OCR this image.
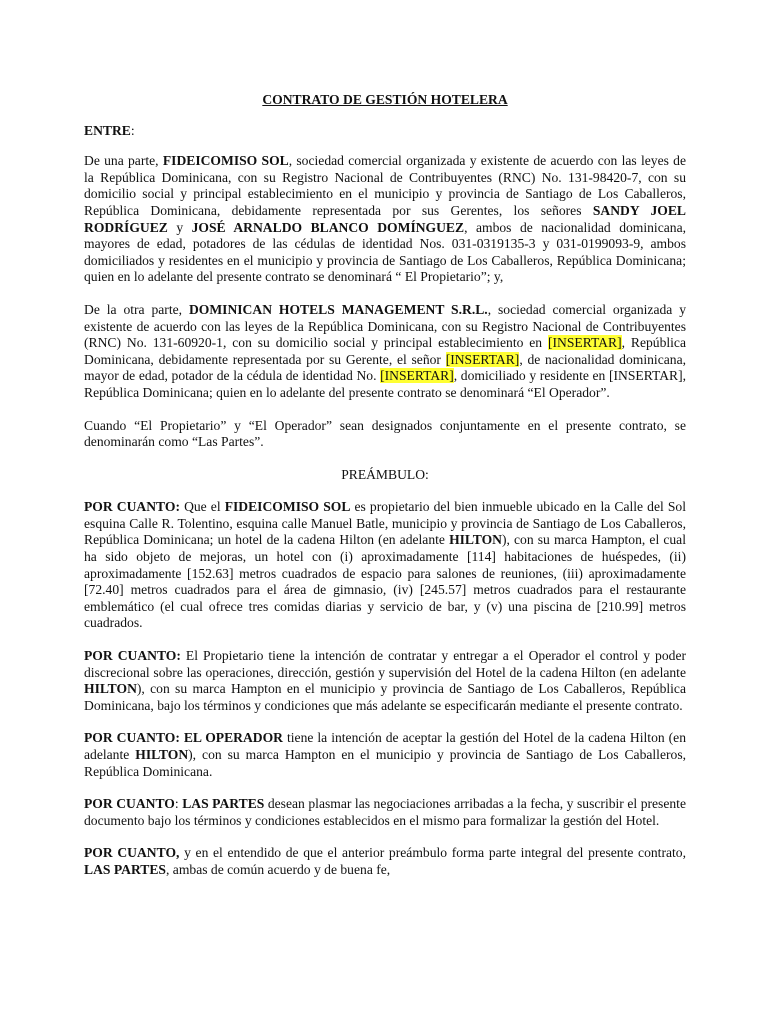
CONTRATO DE GESTIÓN HOTELERA
ENTRE:

De una parte, FIDEICOMISO SOL, sociedad comercial organizada y existente de acuerdo con las leyes de la República Dominicana, con su Registro Nacional de Contribuyentes (RNC) No. 131-98420-7, con su domicilio social y principal establecimiento en el municipio y provincia de Santiago de Los Caballeros, República Dominicana, debidamente representada por sus Gerentes, los señores SANDY JOEL RODRÍGUEZ y JOSÉ ARNALDO BLANCO DOMÍNGUEZ, ambos de nacionalidad dominicana, mayores de edad, potadores de las cédulas de identidad Nos. 031-0319135-3 y 031-0199093-9, ambos domiciliados y residentes en el municipio y provincia de Santiago de Los Caballeros, República Dominicana; quien en lo adelante del presente contrato se denominará “ El Propietario”; y,

De la otra parte, DOMINICAN HOTELS MANAGEMENT S.R.L., sociedad comercial organizada y existente de acuerdo con las leyes de la República Dominicana, con su Registro Nacional de Contribuyentes (RNC) No. 131-60920-1, con su domicilio social y principal establecimiento en [INSERTAR], República Dominicana, debidamente representada por su Gerente, el señor [INSERTAR], de nacionalidad dominicana, mayor de edad, potador de la cédula de identidad No. [INSERTAR], domiciliado y residente en [INSERTAR], República Dominicana; quien en lo adelante del presente contrato se denominará “El Operador”.

Cuando “El Propietario” y “El Operador” sean designados conjuntamente en el presente contrato, se denominarán como “Las Partes”.

PREÁMBULO:

POR CUANTO: Que el FIDEICOMISO SOL es propietario del bien inmueble ubicado en la Calle del Sol esquina Calle R. Tolentino, esquina calle Manuel Batle, municipio y provincia de Santiago de Los Caballeros, República Dominicana; un hotel de la cadena Hilton (en adelante HILTON), con su marca Hampton, el cual ha sido objeto de mejoras, un hotel con (i) aproximadamente [114] habitaciones de huéspedes, (ii) aproximadamente [152.63] metros cuadrados de espacio para salones de reuniones, (iii) aproximadamente [72.40] metros cuadrados para el área de gimnasio, (iv) [245.57] metros cuadrados para el restaurante emblemático (el cual ofrece tres comidas diarias y servicio de bar, y (v) una piscina de [210.99] metros cuadrados.

POR CUANTO: El Propietario tiene la intención de contratar y entregar a el Operador el control y poder discrecional sobre las operaciones, dirección, gestión y supervisión del Hotel de la cadena Hilton (en adelante HILTON), con su marca Hampton en el municipio y provincia de Santiago de Los Caballeros, República Dominicana, bajo los términos y condiciones que más adelante se especificarán mediante el presente contrato.

POR CUANTO: EL OPERADOR tiene la intención de aceptar la gestión del Hotel de la cadena Hilton (en adelante HILTON), con su marca Hampton en el municipio y provincia de Santiago de Los Caballeros, República Dominicana.

POR CUANTO: LAS PARTES desean plasmar las negociaciones arribadas a la fecha, y suscribir el presente documento bajo los términos y condiciones establecidos en el mismo para formalizar la gestión del Hotel.

POR CUANTO, y en el entendido de que el anterior preámbulo forma parte integral del presente contrato, LAS PARTES, ambas de común acuerdo y de buena fe,
